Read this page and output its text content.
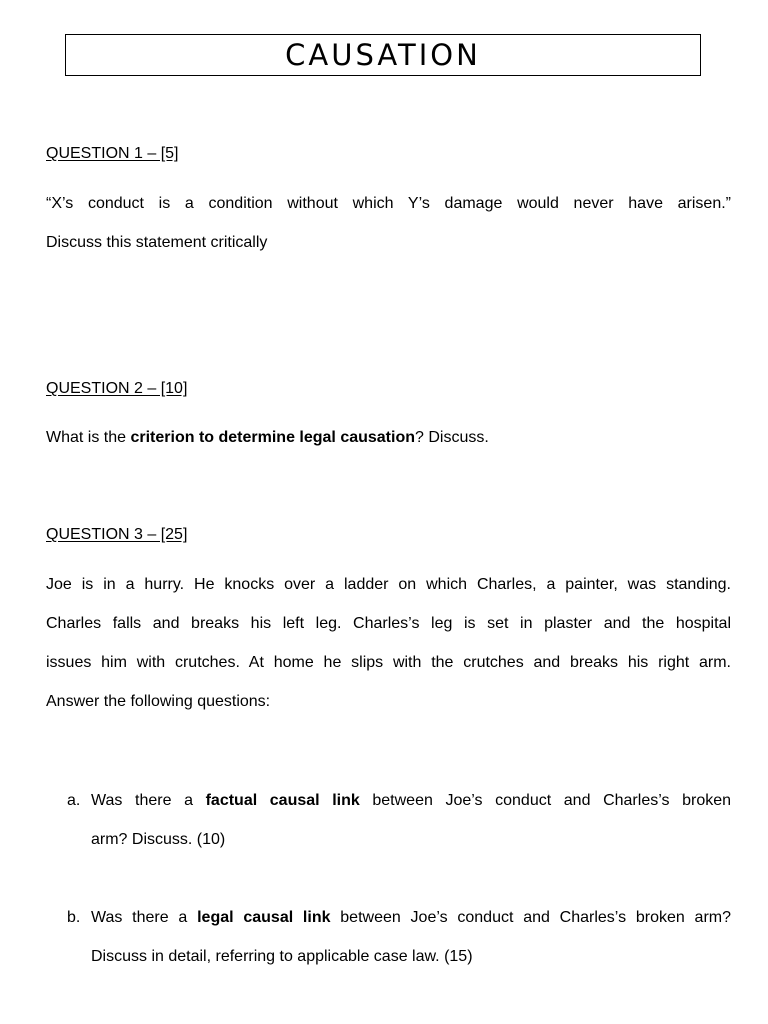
CAUSATION
QUESTION 1 – [5]
“X’s conduct is a condition without which Y’s damage would never have arisen.”
Discuss this statement critically
QUESTION 2 – [10]
What is the criterion to determine legal causation? Discuss.
QUESTION 3 – [25]
Joe is in a hurry. He knocks over a ladder on which Charles, a painter, was standing.
Charles falls and breaks his left leg. Charles’s leg is set in plaster and the hospital
issues him with crutches. At home he slips with the crutches and breaks his right arm.
Answer the following questions:
a. Was there a factual causal link between Joe’s conduct and Charles’s broken
arm? Discuss. (10)
b. Was there a legal causal link between Joe’s conduct and Charles’s broken arm?
Discuss in detail, referring to applicable case law. (15)
